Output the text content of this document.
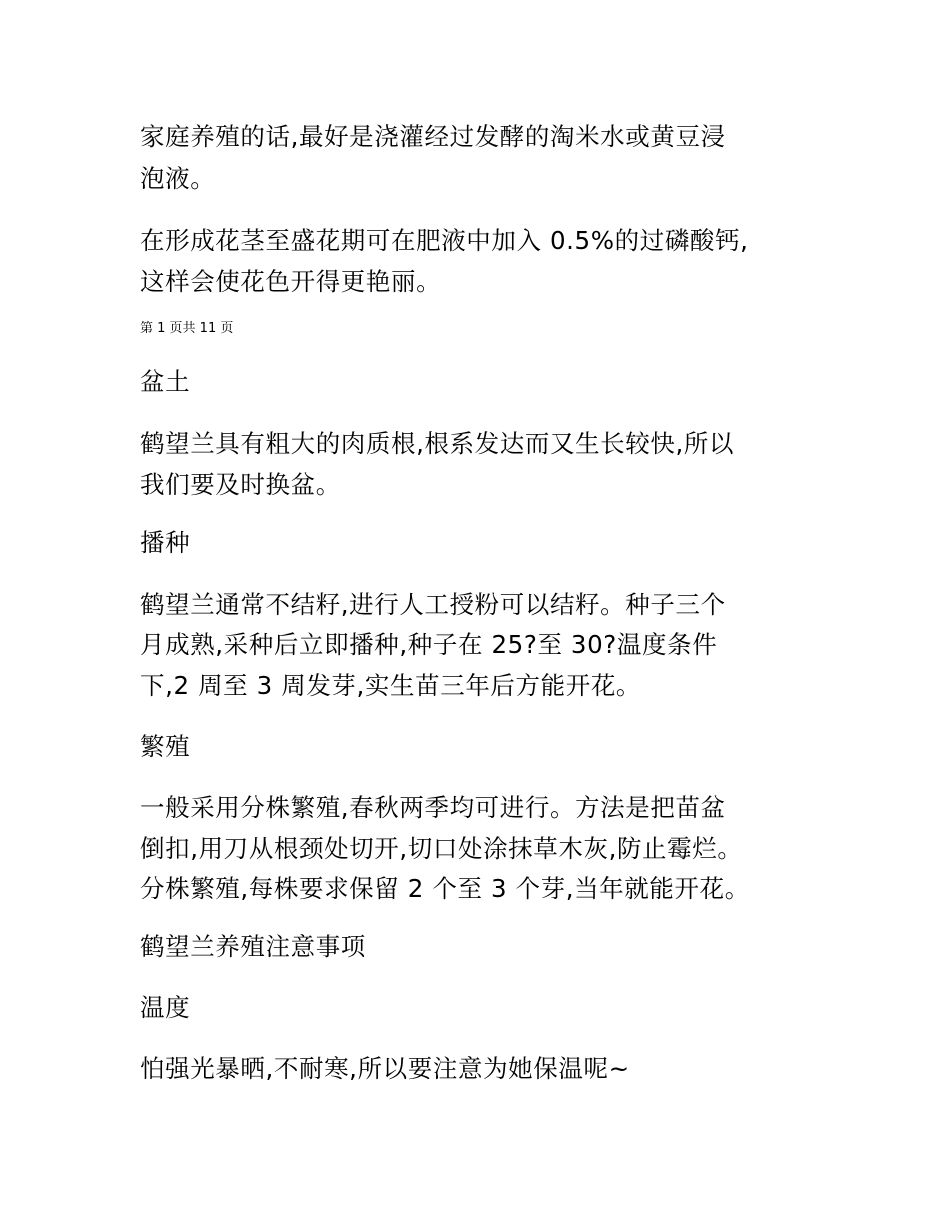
家庭养殖的话,最好是浇灌经过发酵的淘米水或黄豆浸

泡液。

在形成花茎至盛花期可在肥液中加入 0.5%的过磷酸钙,

这样会使花色开得更艳丽。

第 1 页共 11 页

盆土

鹤望兰具有粗大的肉质根,根系发达而又生长较快,所以

我们要及时换盆。

播种

鹤望兰通常不结籽,进行人工授粉可以结籽。种子三个

月成熟,采种后立即播种,种子在 25?至 30?温度条件

下,2 周至 3 周发芽,实生苗三年后方能开花。

繁殖

一般采用分株繁殖,春秋两季均可进行。方法是把苗盆

倒扣,用刀从根颈处切开,切口处涂抹草木灰,防止霉烂。

分株繁殖,每株要求保留 2 个至 3 个芽,当年就能开花。

鹤望兰养殖注意事项

温度

怕强光暴晒,不耐寒,所以要注意为她保温呢~
